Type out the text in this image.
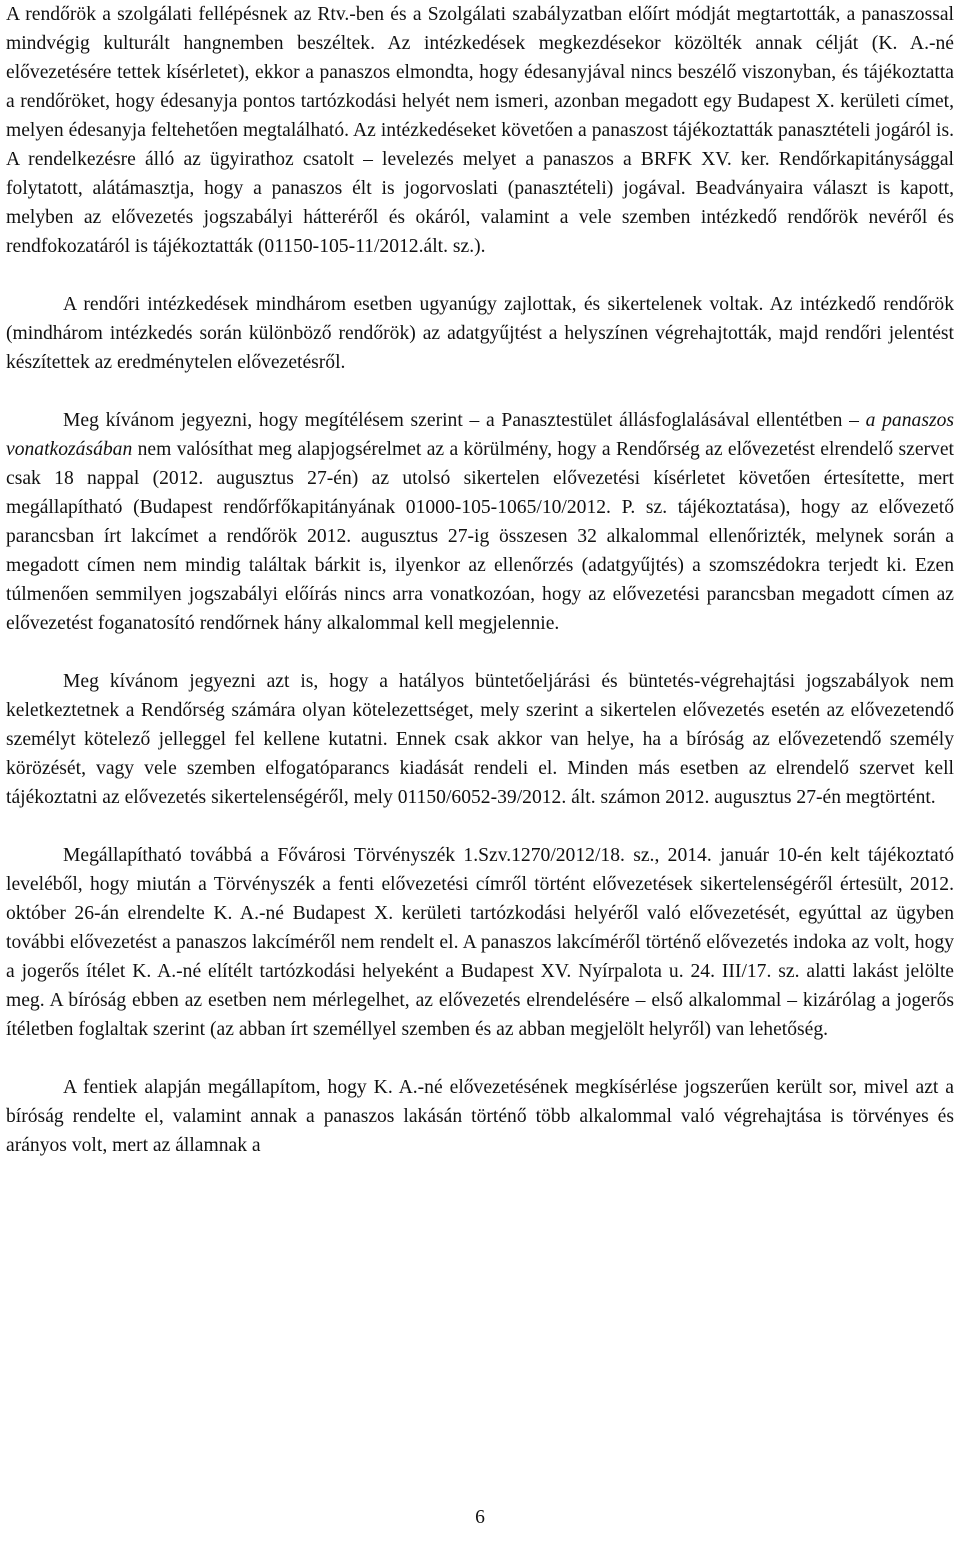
A rendőrök a szolgálati fellépésnek az Rtv.-ben és a Szolgálati szabályzatban előírt módját megtartották, a panaszossal mindvégig kulturált hangnemben beszéltek. Az intézkedések megkezdésekor közölték annak célját (K. A.-né elővezetésére tettek kísérletet), ekkor a panaszos elmondta, hogy édesanyjával nincs beszélő viszonyban, és tájékoztatta a rendőröket, hogy édesanyja pontos tartózkodási helyét nem ismeri, azonban megadott egy Budapest X. kerületi címet, melyen édesanyja feltehetően megtalálható. Az intézkedéseket követően a panaszost tájékoztatták panasztételi jogáról is. A rendelkezésre álló az ügyirathoz csatolt – levelezés melyet a panaszos a BRFK XV. ker. Rendőrkapitánysággal folytatott, alátámasztja, hogy a panaszos élt is jogorvoslati (panasztételi) jogával. Beadványaira választ is kapott, melyben az elővezetés jogszabályi hátteréről és okáról, valamint a vele szemben intézkedő rendőrök nevéről és rendfokozatáról is tájékoztatták (01150-105-11/2012.ált. sz.).

A rendőri intézkedések mindhárom esetben ugyanúgy zajlottak, és sikertelenek voltak. Az intézkedő rendőrök (mindhárom intézkedés során különböző rendőrök) az adatgyűjtést a helyszínen végrehajtották, majd rendőri jelentést készítettek az eredménytelen elővezetésről.

Meg kívánom jegyezni, hogy megítélésem szerint – a Panasztestület állásfoglalásával ellentétben – a panaszos vonatkozásában nem valósíthat meg alapjogsérelmet az a körülmény, hogy a Rendőrség az elővezetést elrendelő szervet csak 18 nappal (2012. augusztus 27-én) az utolsó sikertelen elővezetési kísérletet követően értesítette, mert megállapítható (Budapest rendőrfőkapitányának 01000-105-1065/10/2012. P. sz. tájékoztatása), hogy az elővezető parancsban írt lakcímet a rendőrök 2012. augusztus 27-ig összesen 32 alkalommal ellenőrizték, melynek során a megadott címen nem mindig találtak bárkit is, ilyenkor az ellenőrzés (adatgyűjtés) a szomszédokra terjedt ki. Ezen túlmenően semmilyen jogszabályi előírás nincs arra vonatkozóan, hogy az elővezetési parancsban megadott címen az elővezetést foganatosító rendőrnek hány alkalommal kell megjelennie.

Meg kívánom jegyezni azt is, hogy a hatályos büntetőeljárási és büntetés-végrehajtási jogszabályok nem keletkeztetnek a Rendőrség számára olyan kötelezettséget, mely szerint a sikertelen elővezetés esetén az elővezetendő személyt kötelező jelleggel fel kellene kutatni. Ennek csak akkor van helye, ha a bíróság az elővezetendő személy körözését, vagy vele szemben elfogatóparancs kiadását rendeli el. Minden más esetben az elrendelő szervet kell tájékoztatni az elővezetés sikertelenségéről, mely 01150/6052-39/2012. ált. számon 2012. augusztus 27-én megtörtént.

Megállapítható továbbá a Fővárosi Törvényszék 1.Szv.1270/2012/18. sz., 2014. január 10-én kelt tájékoztató leveléből, hogy miután a Törvényszék a fenti elővezetési címről történt elővezetések sikertelenségéről értesült, 2012. október 26-án elrendelte K. A.-né Budapest X. kerületi tartózkodási helyéről való elővezetését, egyúttal az ügyben további elővezetést a panaszos lakcíméről nem rendelt el. A panaszos lakcíméről történő elővezetés indoka az volt, hogy a jogerős ítélet K. A.-né elítélt tartózkodási helyeként a Budapest XV. Nyírpalota u. 24. III/17. sz. alatti lakást jelölte meg. A bíróság ebben az esetben nem mérlegelhet, az elővezetés elrendelésére – első alkalommal – kizárólag a jogerős ítéletben foglaltak szerint (az abban írt személlyel szemben és az abban megjelölt helyről) van lehetőség.

A fentiek alapján megállapítom, hogy K. A.-né elővezetésének megkísérlése jogszerűen került sor, mivel azt a bíróság rendelte el, valamint annak a panaszos lakásán történő több alkalommal való végrehajtása is törvényes és arányos volt, mert az államnak a

6
